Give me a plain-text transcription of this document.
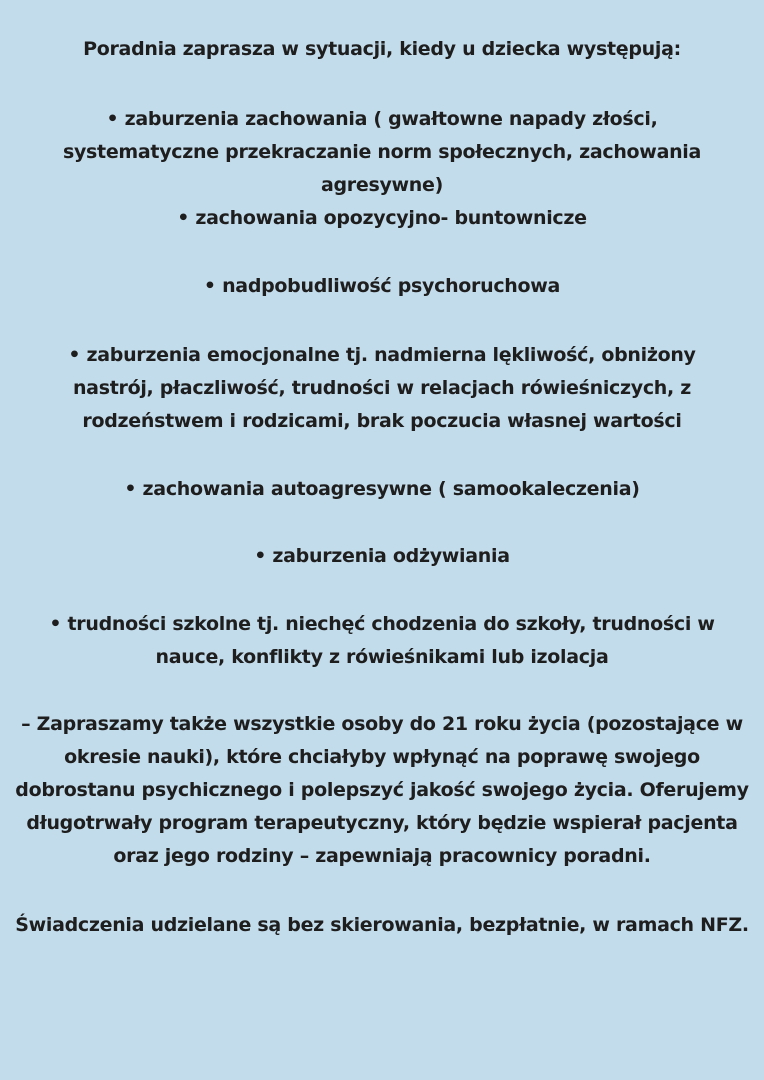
Poradnia zaprasza w sytuacji, kiedy u dziecka występują:

• zaburzenia zachowania ( gwałtowne napady złości, systematyczne przekraczanie norm społecznych, zachowania agresywne)

• zachowania opozycyjno- buntownicze

• nadpobudliwość psychoruchowa

• zaburzenia emocjonalne tj. nadmierna lękliwość, obniżony nastrój, płaczliwość, trudności w relacjach rówieśniczych, z rodzeństwem i rodzicami, brak poczucia własnej wartości

• zachowania autoagresywne ( samookaleczenia)

• zaburzenia odżywiania

• trudności szkolne tj. niechęć chodzenia do szkoły, trudności w nauce, konflikty z rówieśnikami lub izolacja

– Zapraszamy także wszystkie osoby do 21 roku życia (pozostające w okresie nauki), które chciałyby wpłynąć na poprawę swojego dobrostanu psychicznego i polepszyć jakość swojego życia. Oferujemy długotrwały program terapeutyczny, który będzie wspierał pacjenta oraz jego rodziny – zapewniają pracownicy poradni.

Świadczenia udzielane są bez skierowania, bezpłatnie, w ramach NFZ.
